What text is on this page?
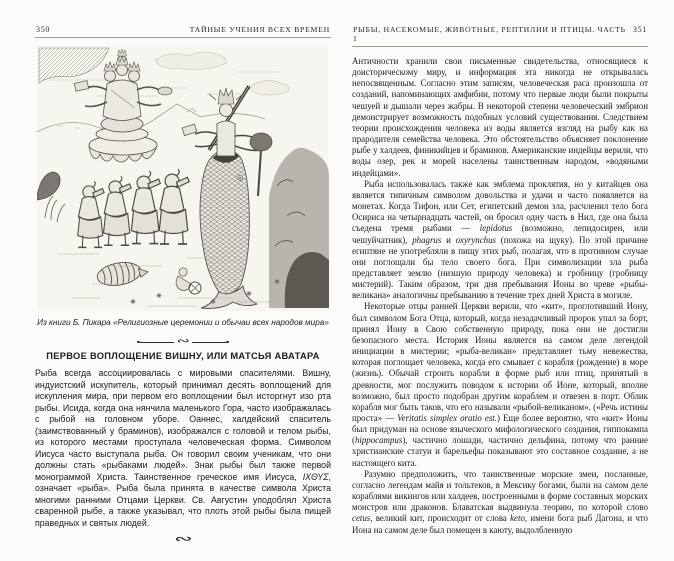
350	ТАЙНЫЕ УЧЕНИЯ ВСЕХ ВРЕМЕН
Из книги Б. Пикара «Религиозные церемонии и обычаи всех народов мира»
∾
ПЕРВОЕ ВОПЛОЩЕНИЕ ВИШНУ, ИЛИ МАТСЬЯ АВАТАРА

Рыба всегда ассоциировалась с мировыми спасителями. Вишну, индуистский искупитель, который принимал десять воплощений для искупления мира, при первом его воплощении был исторгнут изо рта рыбы. Исида, когда она нянчила маленького Гора, часто изображалась с рыбой на головном уборе. Оаннес, халдейский спаситель (заимствованный у браминов), изображался с головой и телом рыбы, из которого местами проступала человеческая форма. Символом Иисуса часто выступала рыба. Он говорил своим ученикам, что они должны стать «рыбаками людей». Знак рыбы был также первой монограммой Христа. Таинственное греческое имя Иисуса, ΙΧΘΥΣ, означает «рыба». Рыба была принята в качестве символа Христа многими ранними Отцами Церкви. Св. Августин уподоблял Христа сваренной рыбе, а также указывал, что плоть этой рыбы была пищей праведных и святых людей.

∾
РЫБЫ, НАСЕКОМЫЕ, ЖИВОТНЫЕ, РЕПТИЛИИ И ПТИЦЫ. ЧАСТЬ 1
351

Античности хранили свои письменные свидетельства, относящиеся к доисторическому миру, и информация эта никогда не открывалась непосвященным. Согласно этим записям, человеческая раса произошла от созданий, напоминающих амфибии, потому что первые люди были покрыты чешуей и дышали через жабры. В некоторой степени человеческий эмбрион демонстрирует возможность подобных условий существования. Следствием теории происхождения человека из воды является взгляд на рыбу как на прародителя семейства человека. Это обстоятельство объясняет поклонение рыбе у халдеев, финикийцев и браминов. Американские индейцы верили, что воды озер, рек и морей населены таинственным народом, «водяными индейцами».

Рыба использовалась также как эмблема проклятия, но у китайцев она является типичным символом довольства и удачи и часто появляется на монетах. Когда Тифон, или Сет, египетский демон зла, расчленил тело бога Осириса на четырнадцать частей, он бросил одну часть в Нил, где она была съедена тремя рыбами — lepidotus (возможно, лепидосирен, или чешуйчатник), phagrus и oxyrynchus (похожа на щуку). По этой причине египтяне не употребляли в пищу этих рыб, полагая, что в противном случае они поглощали бы тело своего бога. При символизации зла рыба представляет землю (низшую природу человека) и гробницу (гробницу мистерий). Таким образом, три дня пребывания Ионы во чреве «рыбы-великана» аналогичны пребыванию в течение трех дней Христа в могиле.

Некоторые отцы ранней Церкви верили, что «кит», проглотивший Иону, был символом Бога Отца, который, когда незадачливый пророк упал за борт, принял Иону в Свою собственную природу, пока они не достигли безопасного места. История Ионы является на самом деле легендой инициации в мистерии; «рыба-великан» представляет тьму невежества, которая поглощает человека, когда его смывает с корабля (рождение) в море (жизнь). Обычай строить корабли в форме рыб или птиц, принятый в древности, мог послужить поводом к истории об Ионе, который, вполне возможно, был просто подобран другим кораблем и отвезен в порт. Облик корабля мог быть таков, что его называли «рыбой-великаном». («Речь истины проста» — Veritatis simplex oratio est.) Еще более вероятно, что «кит» Ионы был придуман на основе языческого мифологического создания, гиппокампа (hippocampus), частично лошади, частично дельфина, потому что ранние христианские статуи и барельефы показывают это составное создание, а не настоящего кита.

Разумно предположить, что таинственные морские змеи, посланные, согласно легендам майя и тольтеков, в Мексику богами, были на самом деле кораблями викингов или халдеев, построенными в форме составных морских монстров или драконов. Блаватская выдвинула теорию, по которой слово cetus, великий кит, происходит от слова keto, имени бога рыб Дагона, и что Иона на самом деле был помещен в каюту, выдолбленную
